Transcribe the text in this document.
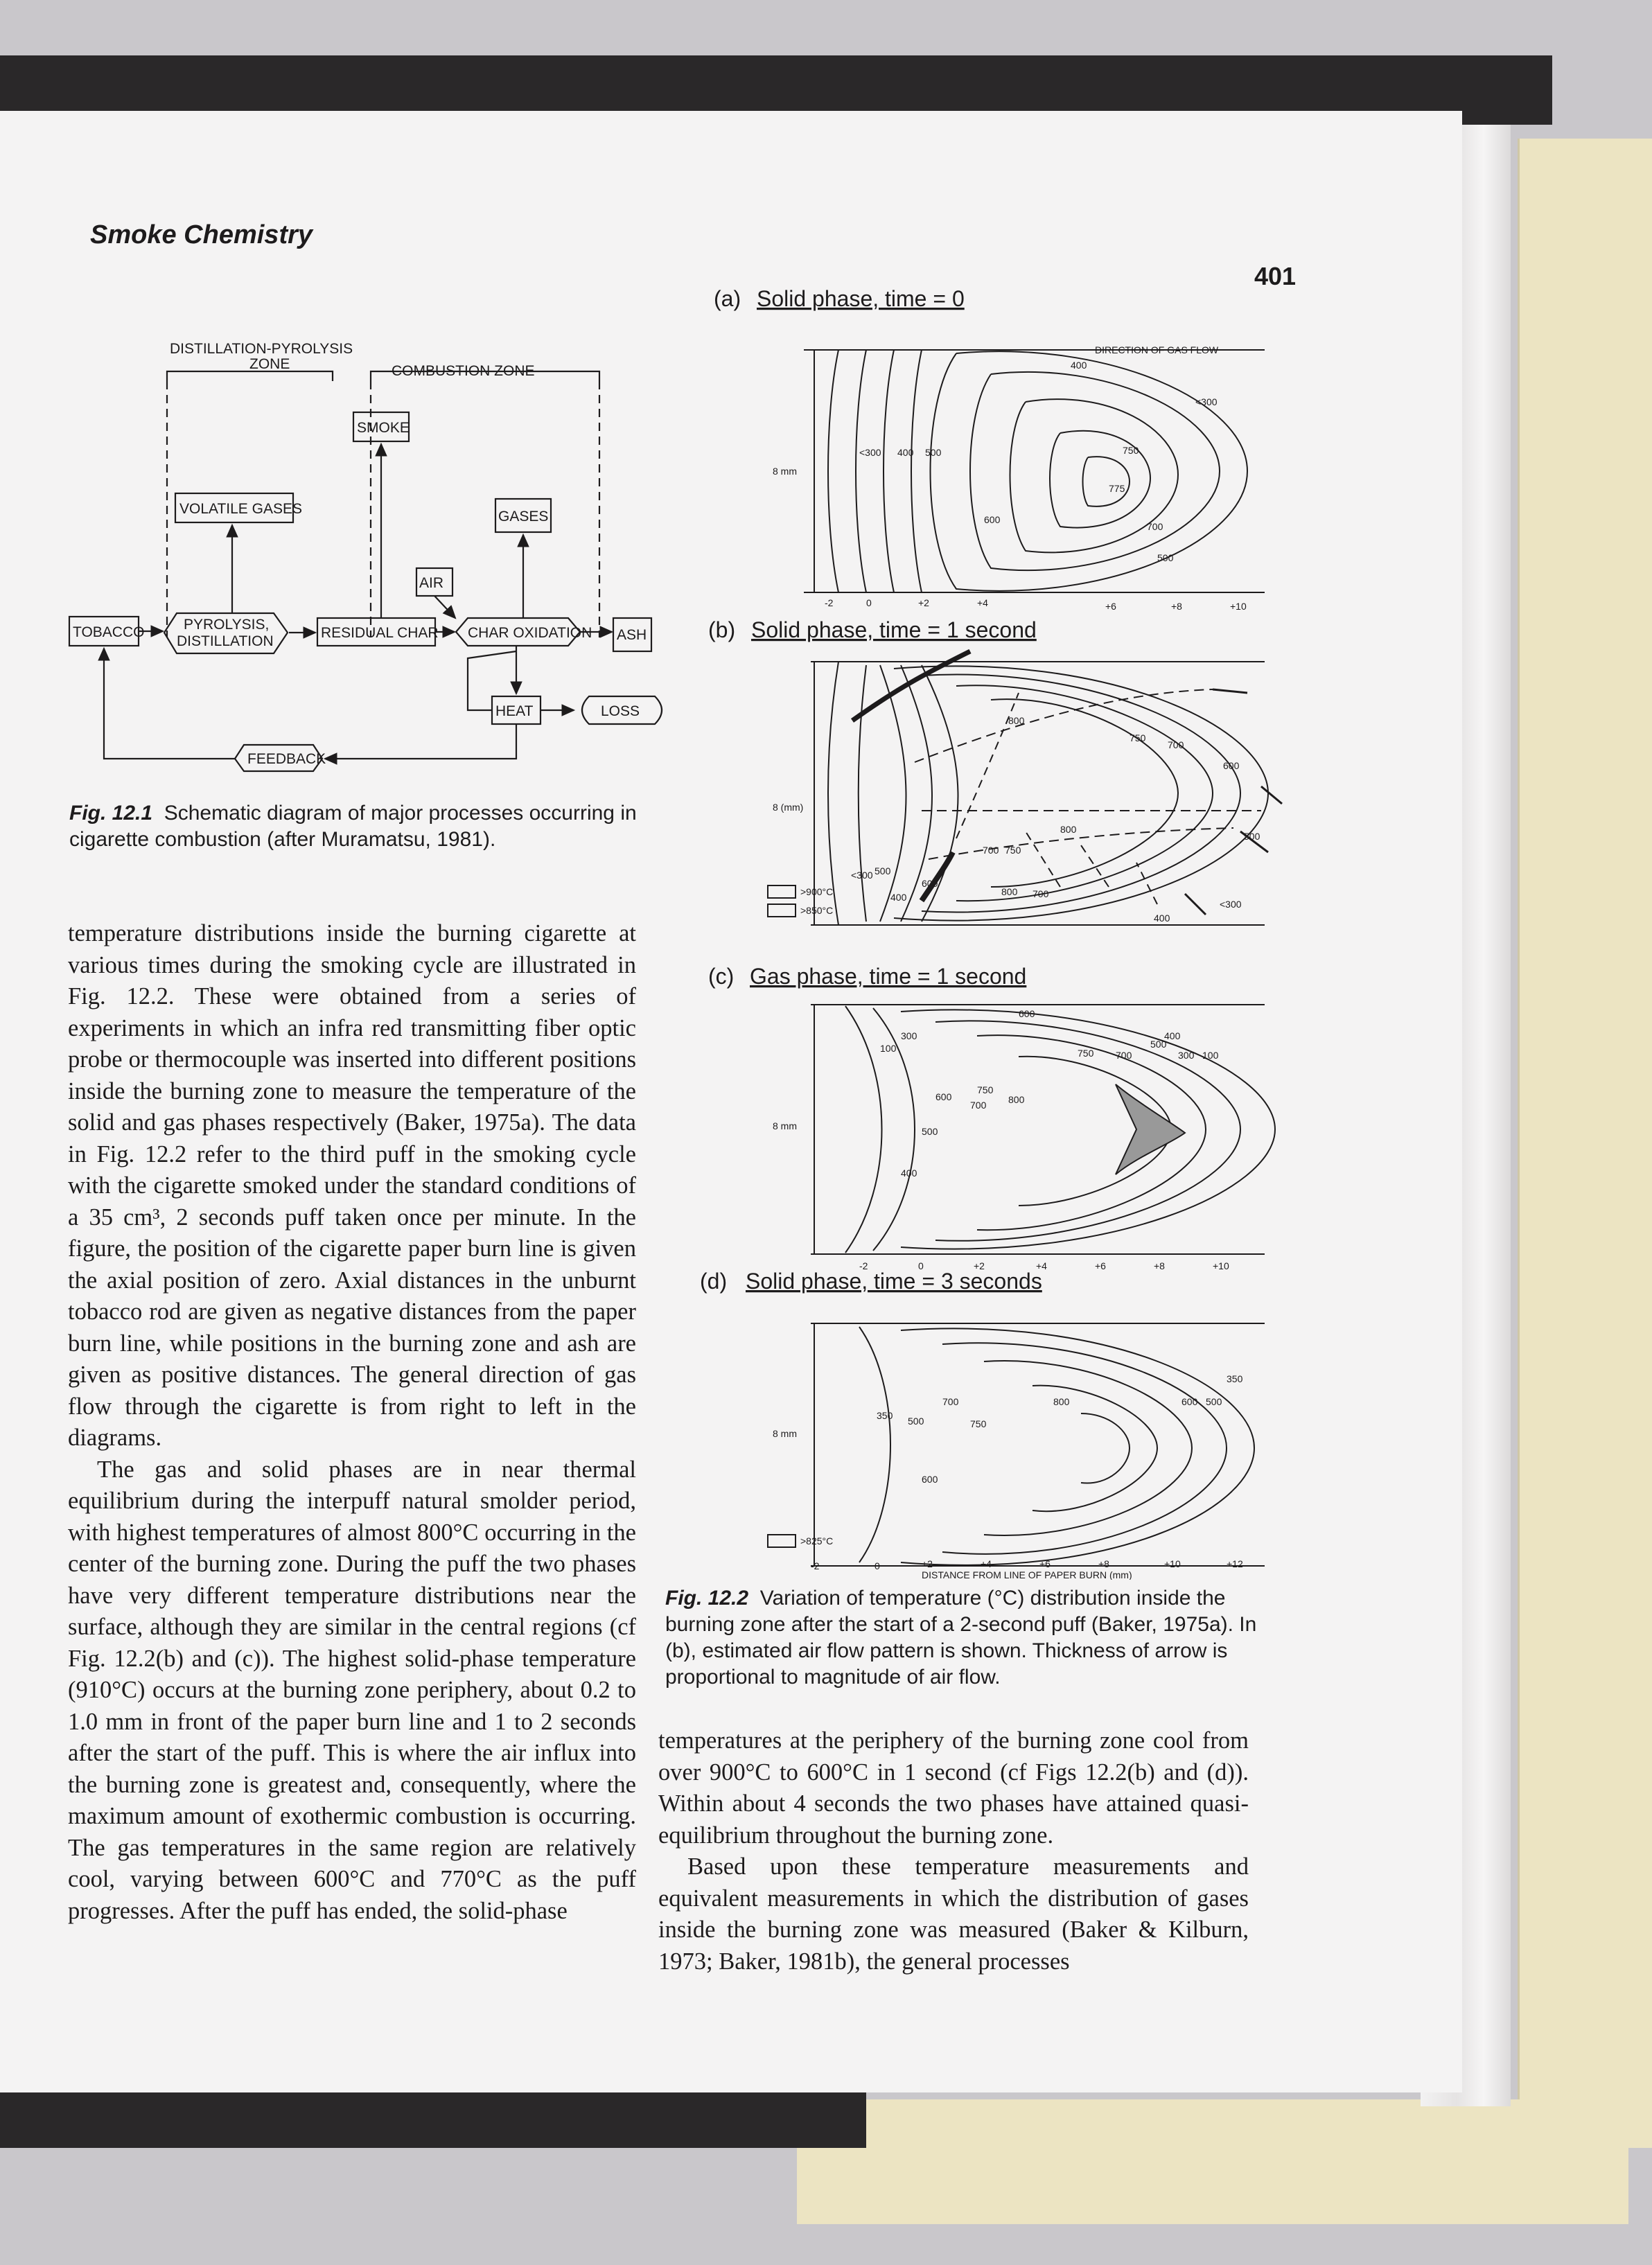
Smoke Chemistry
401
DISTILLATION-PYROLYSIS
ZONE	COMBUSTION ZONE
SMOKE
VOLATILE GASES	GASES
AIR
TOBACCO	PYROLYSIS,
DISTILLATION
RESIDUAL CHAR CHAR OXIDATION ASH
HEAT	LOSS
FEEDBACK
Fig. 12.1 Schematic diagram of major processes occurring in cigarette combustion (after Muramatsu, 1981).
(a) Solid phase, time = 0
(b) Solid phase, time = 1 second
(c) Gas phase, time = 1 second
(d) Solid phase, time = 3 seconds
DIRECTION OF GAS FLOW
8 mm
<300 400 500
400
<300
750
775
700
600
500
-2	0	+2	+4	+6	+8	+10
8 (mm)
800
750
700
600
500
800
700 750
<300 500
600
400	800 700
<300
400
>900°C
>850°C
8 mm
600
400
750 700
500
300
100
100
300
600
750
700 800
500
400
-2	0	+2	+4	+6	+8	+10
8 mm
350
600 500
700	800
750
350 500
600
>825°C
-2	0	+2	+4	+6	+8	+10	+12
DISTANCE FROM LINE OF PAPER BURN (mm)
Fig. 12.2 Variation of temperature (°C) distribution inside the burning zone after the start of a 2-second puff (Baker, 1975a). In (b), estimated air flow pattern is shown. Thickness of arrow is proportional to magnitude of air flow.

temperature distributions inside the burning cigarette at various times during the smoking cycle are illustrated in Fig. 12.2. These were obtained from a series of experiments in which an infra red transmitting fiber optic probe or thermocouple was inserted into different positions inside the burning zone to measure the temperature of the solid and gas phases respectively (Baker, 1975a). The data in Fig. 12.2 refer to the third puff in the smoking cycle with the cigarette smoked under the standard conditions of a 35 cm³, 2 seconds puff taken once per minute. In the figure, the position of the cigarette paper burn line is given the axial position of zero. Axial distances in the unburnt tobacco rod are given as negative distances from the paper burn line, while positions in the burning zone and ash are given as positive distances. The general direction of gas flow through the cigarette is from right to left in the diagrams.

The gas and solid phases are in near thermal equilibrium during the interpuff natural smolder period, with highest temperatures of almost 800°C occurring in the center of the burning zone. During the puff the two phases have very different temperature distributions near the surface, although they are similar in the central regions (cf Fig. 12.2(b) and (c)). The highest solid-phase temperature (910°C) occurs at the burning zone periphery, about 0.2 to 1.0 mm in front of the paper burn line and 1 to 2 seconds after the start of the puff. This is where the air influx into the burning zone is greatest and, consequently, where the maximum amount of exothermic combustion is occurring. The gas temperatures in the same region are relatively cool, varying between 600°C and 770°C as the puff progresses. After the puff has ended, the solid-phase

temperatures at the periphery of the burning zone cool from over 900°C to 600°C in 1 second (cf Figs 12.2(b) and (d)). Within about 4 seconds the two phases have attained quasi-equilibrium throughout the burning zone.

Based upon these temperature measurements and equivalent measurements in which the distribution of gases inside the burning zone was measured (Baker & Kilburn, 1973; Baker, 1981b), the general processes
